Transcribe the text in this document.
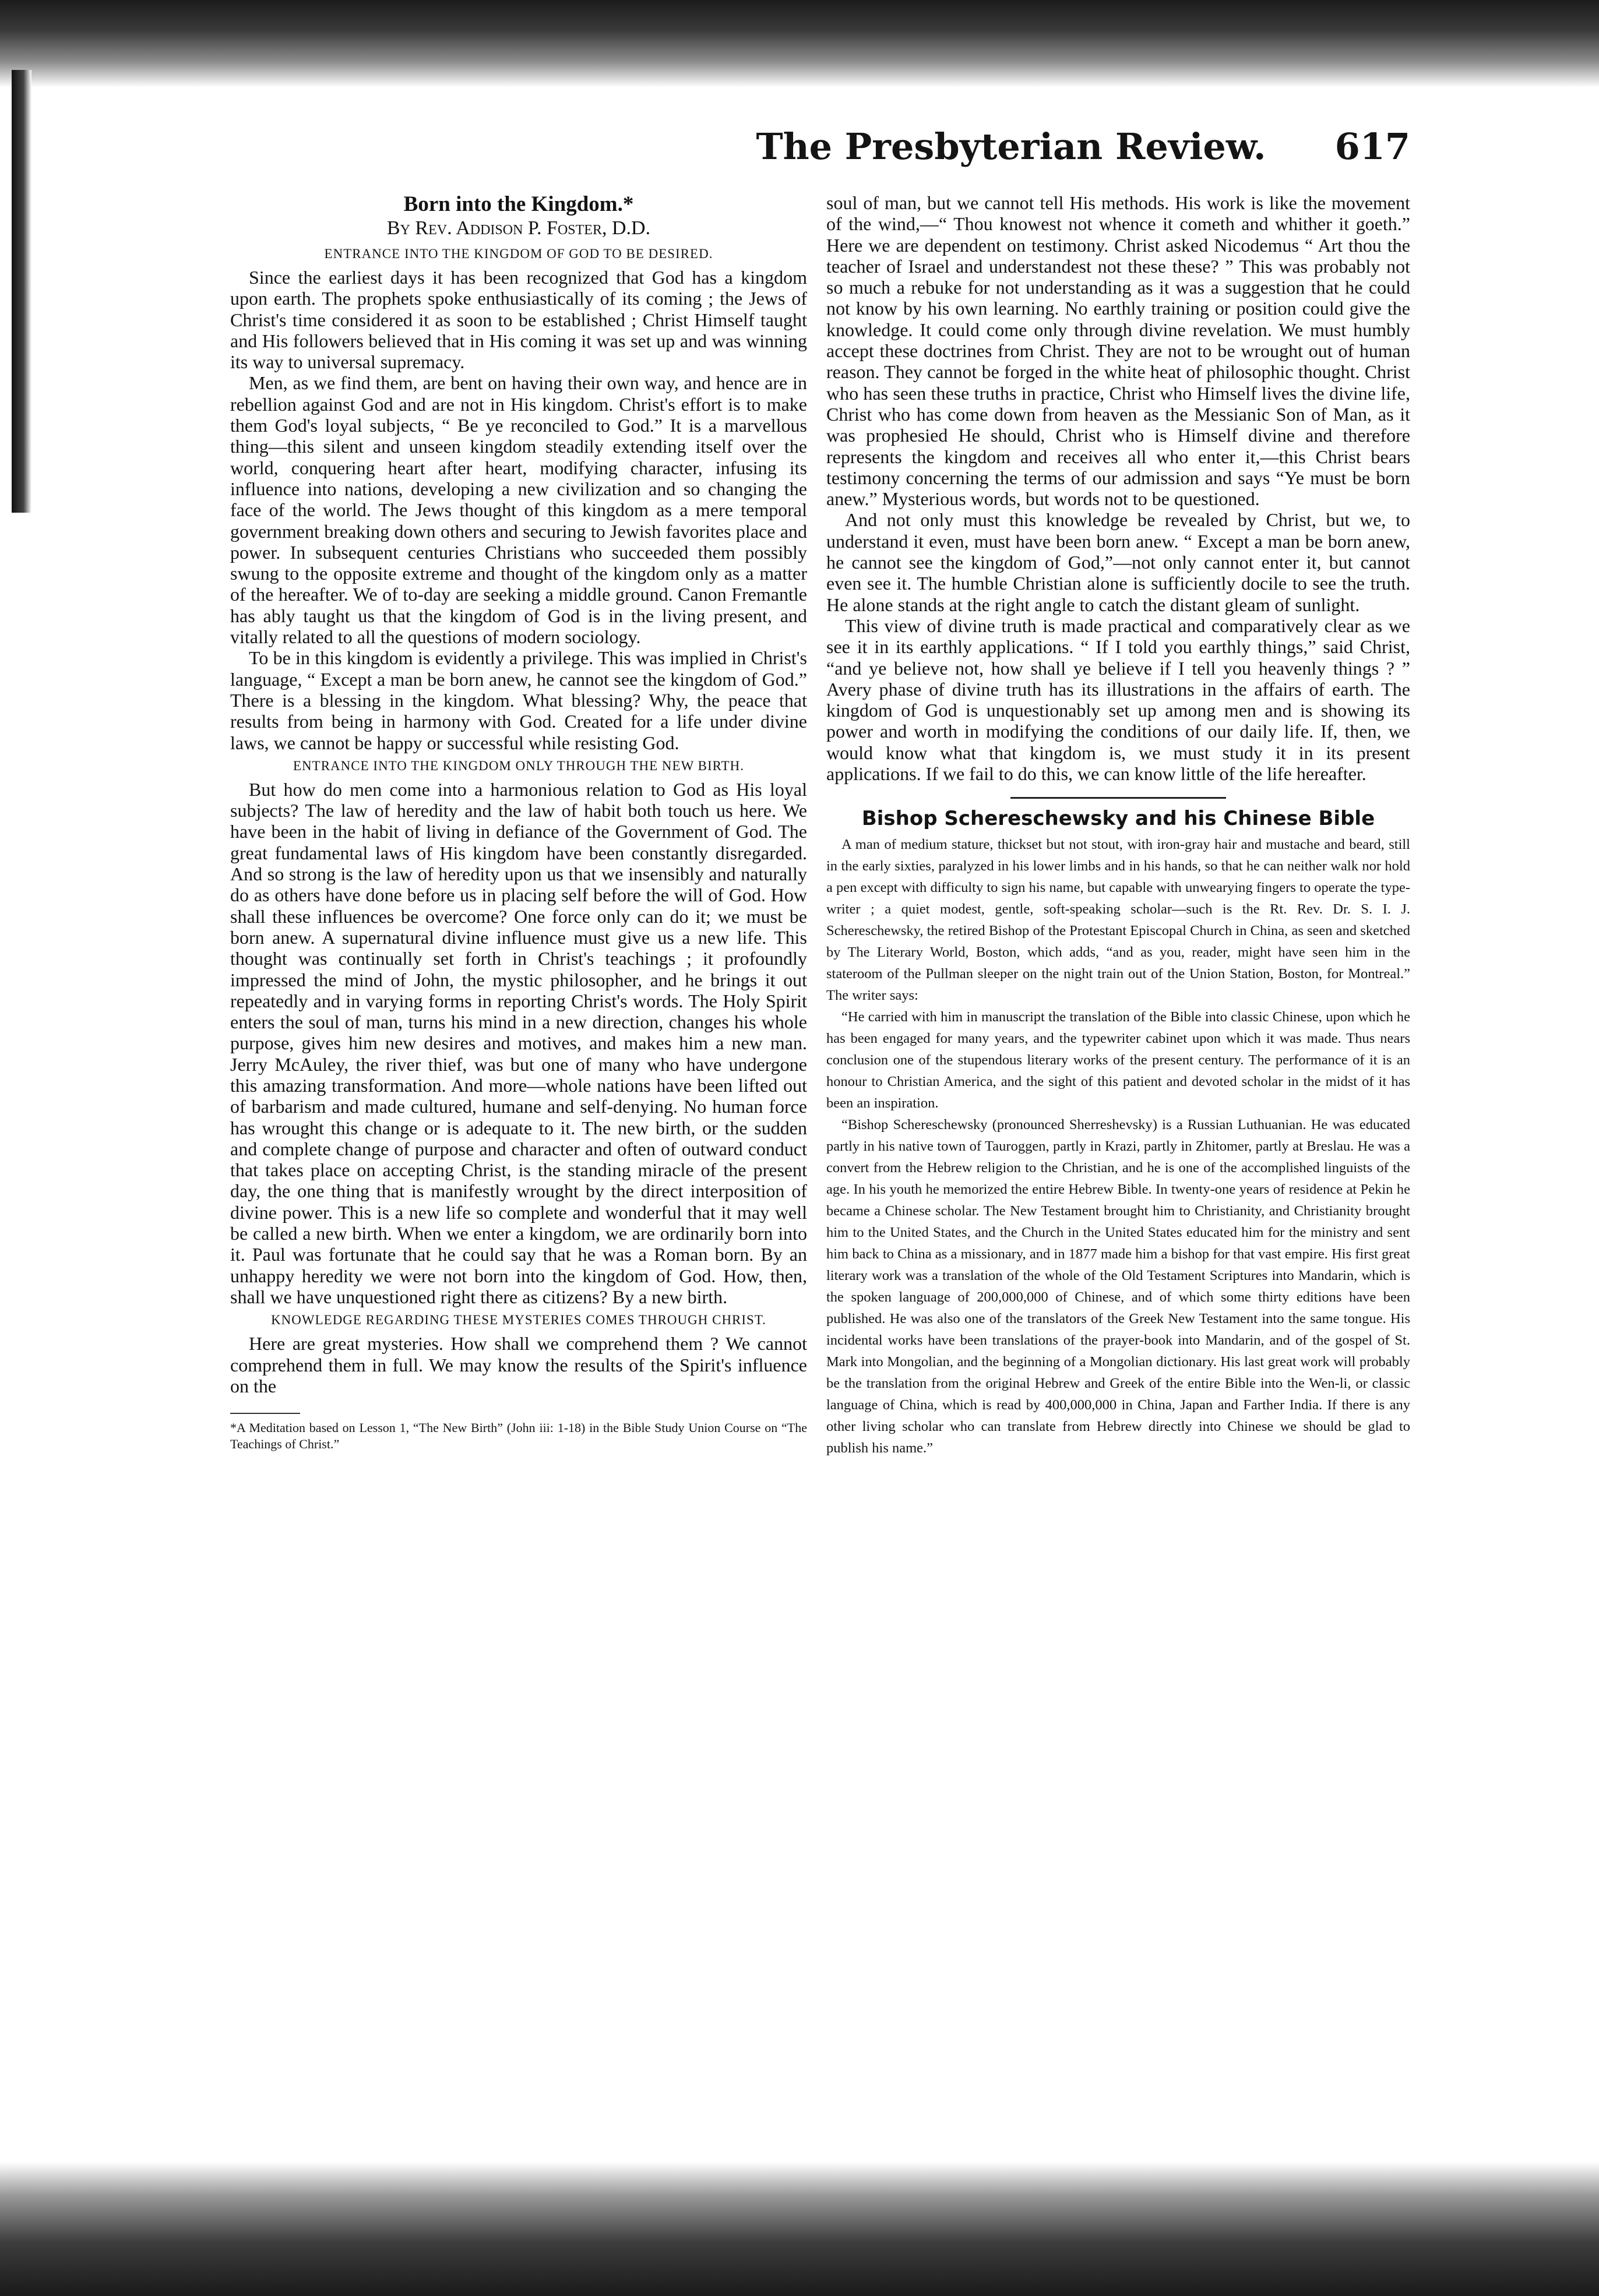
The Presbyterian Review.	617
Born into the Kingdom.*
By Rev. Addison P. Foster, D.D.
ENTRANCE INTO THE KINGDOM OF GOD TO BE DESIRED.

Since the earliest days it has been recognized that God has a kingdom upon earth. The prophets spoke enthusiastically of its coming ; the Jews of Christ's time considered it as soon to be established ; Christ Himself taught and His followers believed that in His coming it was set up and was winning its way to universal supremacy.

Men, as we find them, are bent on having their own way, and hence are in rebellion against God and are not in His kingdom. Christ's effort is to make them God's loyal subjects, “ Be ye reconciled to God.” It is a marvellous thing—this silent and unseen kingdom steadily extending itself over the world, conquering heart after heart, modifying character, infusing its influence into nations, developing a new civilization and so changing the face of the world. The Jews thought of this kingdom as a mere temporal government breaking down others and securing to Jewish favorites place and power. In subsequent centuries Christians who succeeded them possibly swung to the opposite extreme and thought of the kingdom only as a matter of the hereafter. We of to-day are seeking a middle ground. Canon Fremantle has ably taught us that the kingdom of God is in the living present, and vitally related to all the questions of modern sociology.

To be in this kingdom is evidently a privilege. This was implied in Christ's language, “ Except a man be born anew, he cannot see the kingdom of God.” There is a blessing in the kingdom. What blessing? Why, the peace that results from being in harmony with God. Created for a life under divine laws, we cannot be happy or successful while resisting God.

ENTRANCE INTO THE KINGDOM ONLY THROUGH THE NEW BIRTH.

But how do men come into a harmonious relation to God as His loyal subjects? The law of heredity and the law of habit both touch us here. We have been in the habit of living in defiance of the Government of God. The great fundamental laws of His kingdom have been constantly disregarded. And so strong is the law of heredity upon us that we insensibly and naturally do as others have done before us in placing self before the will of God. How shall these influences be overcome? One force only can do it; we must be born anew. A supernatural divine influence must give us a new life. This thought was continually set forth in Christ's teachings ; it profoundly impressed the mind of John, the mystic philosopher, and he brings it out repeatedly and in varying forms in reporting Christ's words. The Holy Spirit enters the soul of man, turns his mind in a new direction, changes his whole purpose, gives him new desires and motives, and makes him a new man. Jerry McAuley, the river thief, was but one of many who have undergone this amazing transformation. And more—whole nations have been lifted out of barbarism and made cultured, humane and self-denying. No human force has wrought this change or is adequate to it. The new birth, or the sudden and complete change of purpose and character and often of outward conduct that takes place on accepting Christ, is the standing miracle of the present day, the one thing that is manifestly wrought by the direct interposition of divine power. This is a new life so complete and wonderful that it may well be called a new birth. When we enter a kingdom, we are ordinarily born into it. Paul was fortunate that he could say that he was a Roman born. By an unhappy heredity we were not born into the kingdom of God. How, then, shall we have unquestioned right there as citizens? By a new birth.

KNOWLEDGE REGARDING THESE MYSTERIES COMES THROUGH CHRIST.

Here are great mysteries. How shall we comprehend them ? We cannot comprehend them in full. We may know the results of the Spirit's influence on the

*A Meditation based on Lesson 1, “The New Birth” (John iii: 1-18) in the Bible Study Union Course on “The Teachings of Christ.”

soul of man, but we cannot tell His methods. His work is like the movement of the wind,—“ Thou knowest not whence it cometh and whither it goeth.” Here we are dependent on testimony. Christ asked Nicodemus “ Art thou the teacher of Israel and understandest not these these? ” This was probably not so much a rebuke for not understanding as it was a suggestion that he could not know by his own learning. No earthly training or position could give the knowledge. It could come only through divine revelation. We must humbly accept these doctrines from Christ. They are not to be wrought out of human reason. They cannot be forged in the white heat of philosophic thought. Christ who has seen these truths in practice, Christ who Himself lives the divine life, Christ who has come down from heaven as the Messianic Son of Man, as it was prophesied He should, Christ who is Himself divine and therefore represents the kingdom and receives all who enter it,—this Christ bears testimony concerning the terms of our admission and says “Ye must be born anew.” Mysterious words, but words not to be questioned.

And not only must this knowledge be revealed by Christ, but we, to understand it even, must have been born anew. “ Except a man be born anew, he cannot see the kingdom of God,”—not only cannot enter it, but cannot even see it. The humble Christian alone is sufficiently docile to see the truth. He alone stands at the right angle to catch the distant gleam of sunlight.

This view of divine truth is made practical and comparatively clear as we see it in its earthly applications. “ If I told you earthly things,” said Christ, “and ye believe not, how shall ye believe if I tell you heavenly things ? ” Avery phase of divine truth has its illustrations in the affairs of earth. The kingdom of God is unquestionably set up among men and is showing its power and worth in modifying the conditions of our daily life. If, then, we would know what that kingdom is, we must study it in its present applications. If we fail to do this, we can know little of the life hereafter.

Bishop Schereschewsky and his Chinese Bible

A man of medium stature, thickset but not stout, with iron-gray hair and mustache and beard, still in the early sixties, paralyzed in his lower limbs and in his hands, so that he can neither walk nor hold a pen except with difficulty to sign his name, but capable with unwearying fingers to operate the type-writer ; a quiet modest, gentle, soft-speaking scholar—such is the Rt. Rev. Dr. S. I. J. Schereschewsky, the retired Bishop of the Protestant Episcopal Church in China, as seen and sketched by The Literary World, Boston, which adds, “and as you, reader, might have seen him in the stateroom of the Pullman sleeper on the night train out of the Union Station, Boston, for Montreal.” The writer says:

“He carried with him in manuscript the translation of the Bible into classic Chinese, upon which he has been engaged for many years, and the typewriter cabinet upon which it was made. Thus nears conclusion one of the stupendous literary works of the present century. The performance of it is an honour to Christian America, and the sight of this patient and devoted scholar in the midst of it has been an inspiration.

“Bishop Schereschewsky (pronounced Sherreshevsky) is a Russian Luthuanian. He was educated partly in his native town of Tauroggen, partly in Krazi, partly in Zhitomer, partly at Breslau. He was a convert from the Hebrew religion to the Christian, and he is one of the accomplished linguists of the age. In his youth he memorized the entire Hebrew Bible. In twenty-one years of residence at Pekin he became a Chinese scholar. The New Testament brought him to Christianity, and Christianity brought him to the United States, and the Church in the United States educated him for the ministry and sent him back to China as a missionary, and in 1877 made him a bishop for that vast empire. His first great literary work was a translation of the whole of the Old Testament Scriptures into Mandarin, which is the spoken language of 200,000,000 of Chinese, and of which some thirty editions have been published. He was also one of the translators of the Greek New Testament into the same tongue. His incidental works have been translations of the prayer-book into Mandarin, and of the gospel of St. Mark into Mongolian, and the beginning of a Mongolian dictionary. His last great work will probably be the translation from the original Hebrew and Greek of the entire Bible into the Wen-li, or classic language of China, which is read by 400,000,000 in China, Japan and Farther India. If there is any other living scholar who can translate from Hebrew directly into Chinese we should be glad to publish his name.”
